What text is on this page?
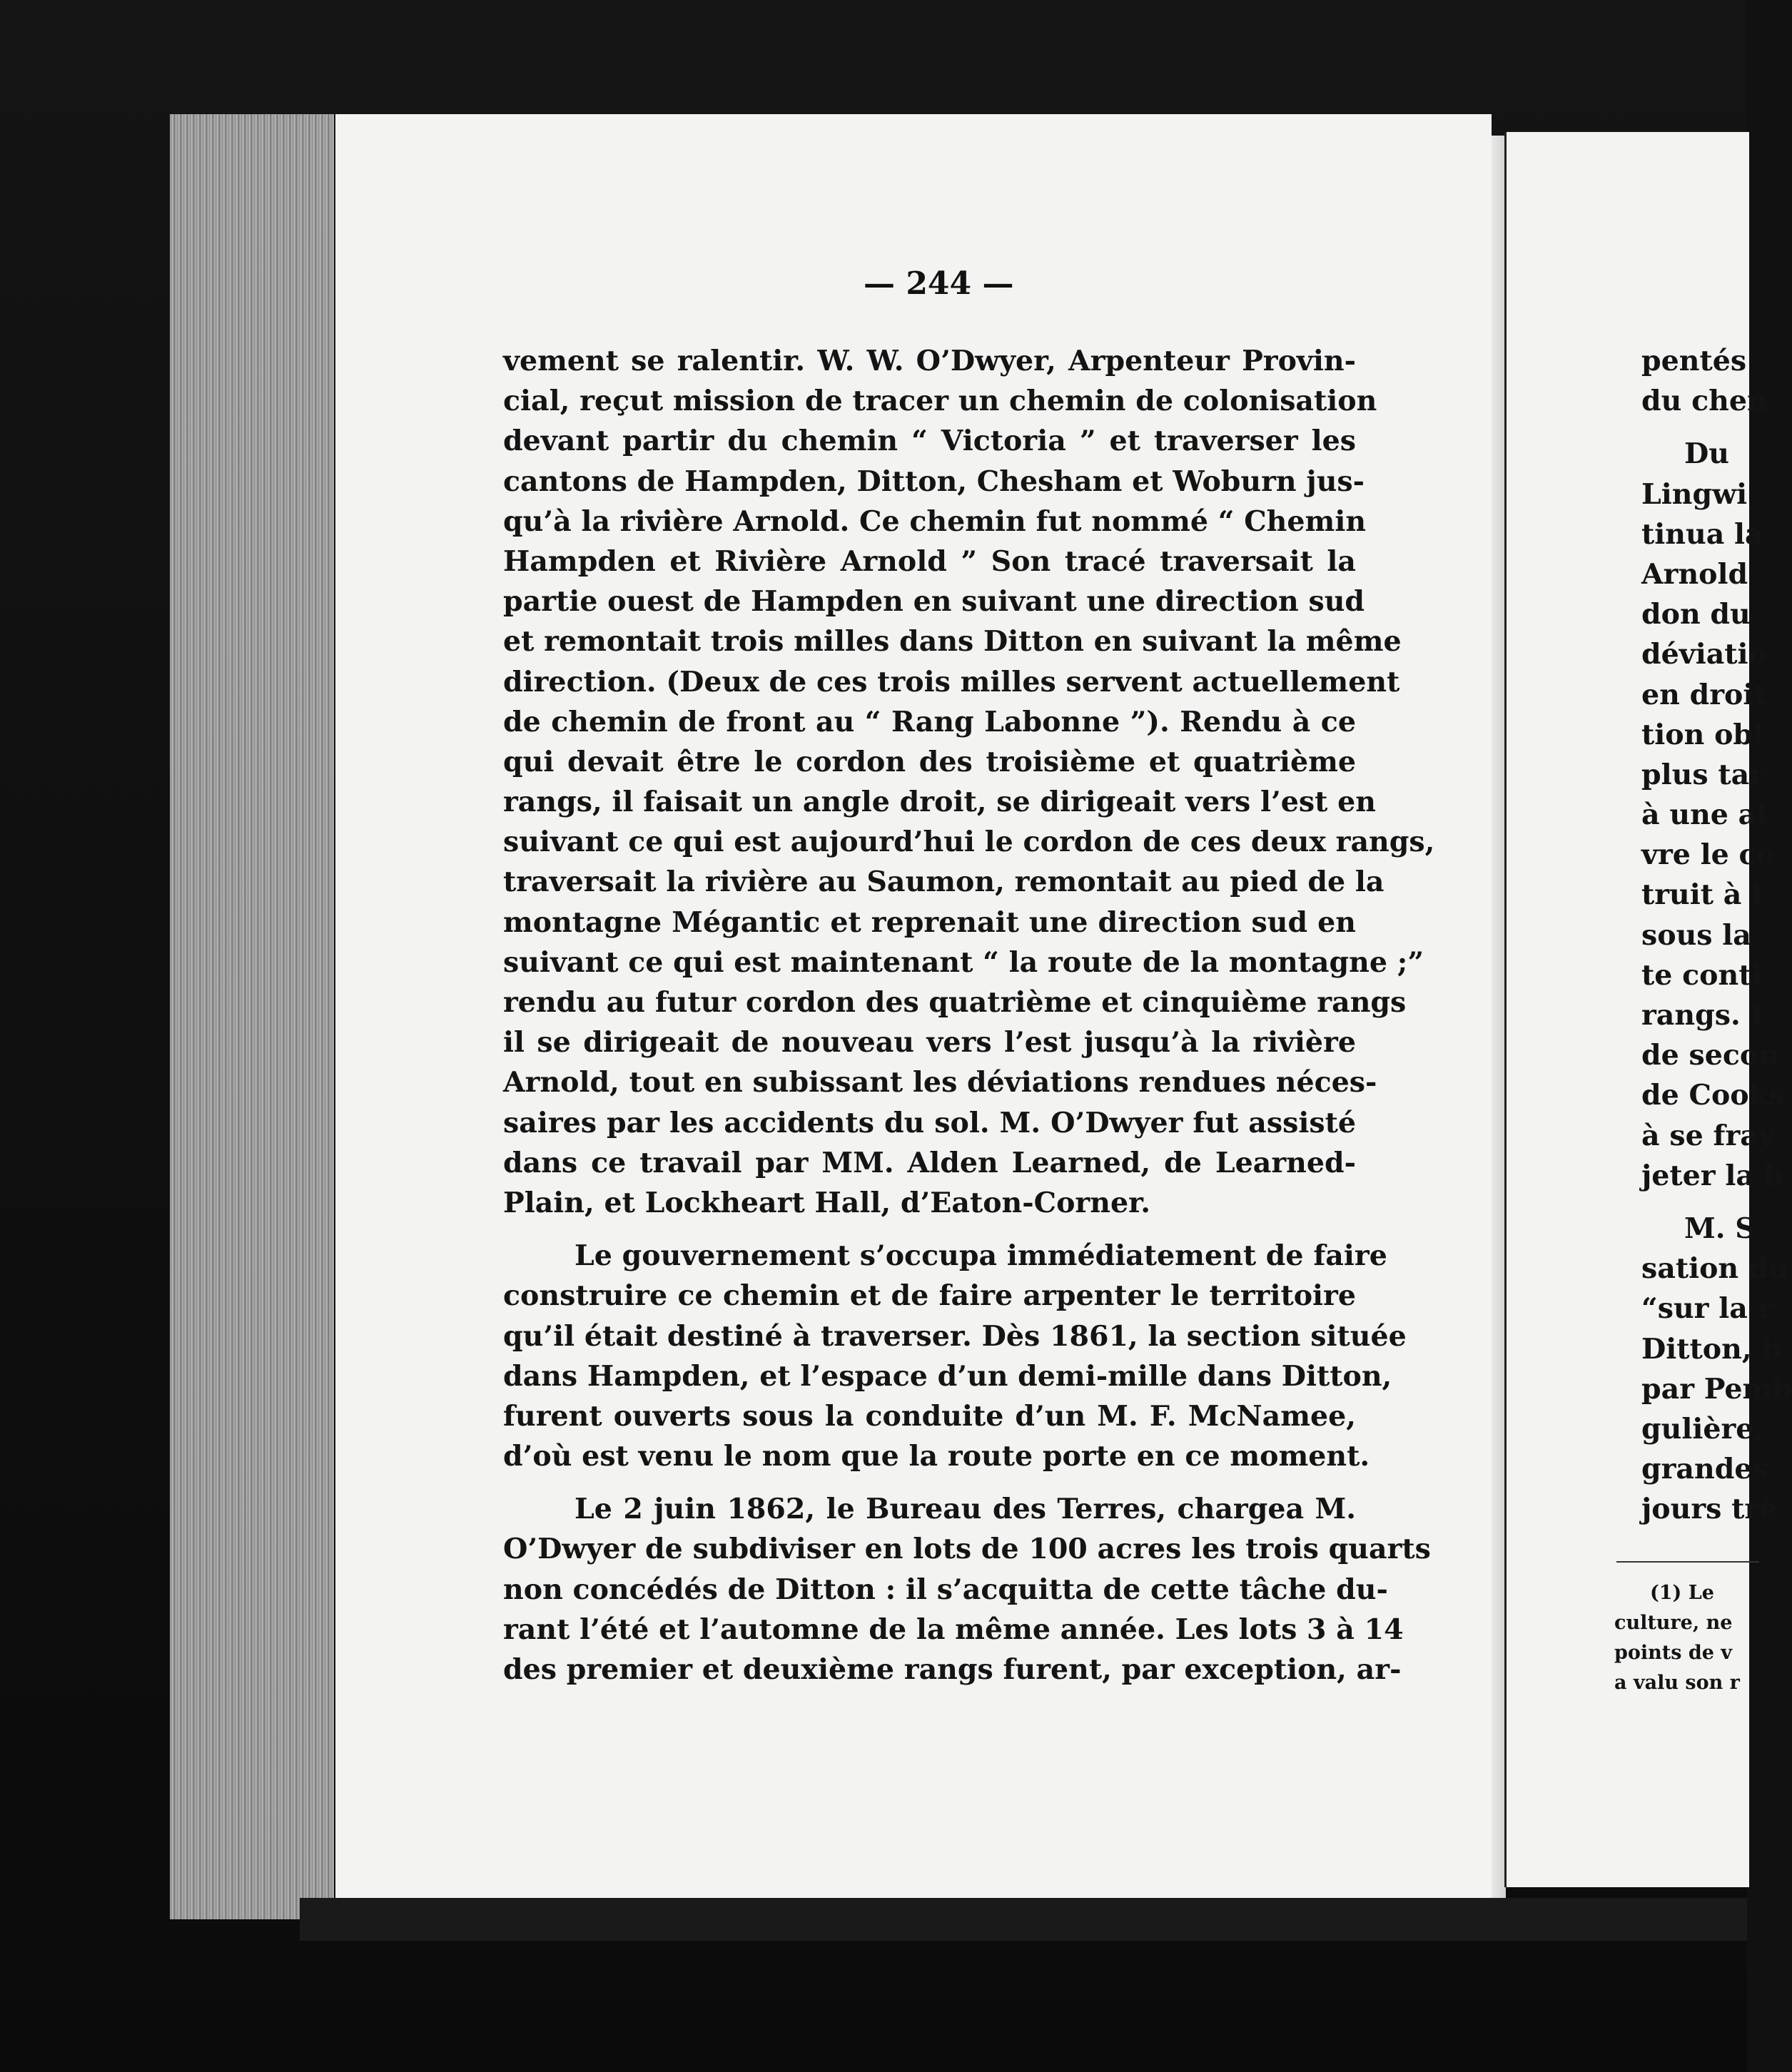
— 244 —
vement se ralentir. W. W. O’Dwyer, Arpenteur Provin-
cial, reçut mission de tracer un chemin de colonisation
devant partir du chemin “ Victoria ” et traverser les
cantons de Hampden, Ditton, Chesham et Woburn jus-
qu’à la rivière Arnold. Ce chemin fut nommé “ Chemin
Hampden et Rivière Arnold ” Son tracé traversait la
partie ouest de Hampden en suivant une direction sud
et remontait trois milles dans Ditton en suivant la même
direction. (Deux de ces trois milles servent actuellement
de chemin de front au “ Rang Labonne ”). Rendu à ce
qui devait être le cordon des troisième et quatrième
rangs, il faisait un angle droit, se dirigeait vers l’est en
suivant ce qui est aujourd’hui le cordon de ces deux rangs,
traversait la rivière au Saumon, remontait au pied de la
montagne Mégantic et reprenait une direction sud en
suivant ce qui est maintenant “ la route de la montagne ;”
rendu au futur cordon des quatrième et cinquième rangs
il se dirigeait de nouveau vers l’est jusqu’à la rivière
Arnold, tout en subissant les déviations rendues néces-
saires par les accidents du sol. M. O’Dwyer fut assisté
dans ce travail par MM. Alden Learned, de Learned-
Plain, et Lockheart Hall, d’Eaton-Corner.
Le gouvernement s’occupa immédiatement de faire
construire ce chemin et de faire arpenter le territoire
qu’il était destiné à traverser. Dès 1861, la section située
dans Hampden, et l’espace d’un demi-mille dans Ditton,
furent ouverts sous la conduite d’un M. F. McNamee,
d’où est venu le nom que la route porte en ce moment.
Le 2 juin 1862, le Bureau des Terres, chargea M.
O’Dwyer de subdiviser en lots de 100 acres les trois quarts
non concédés de Ditton : il s’acquitta de cette tâche du-
rant l’été et l’automne de la même année. Les lots 3 à 14
des premier et deuxième rangs furent, par exception, ar-
pentés
du chen
Du
Lingwi
tinua la
Arnold
don du
déviatio
en droit
tion obl
plus tar
à une al
vre le co
truit à t
sous la
te conti
rangs. I
de secon
de Cooks
à se fray
jeter la b
M. S
sation du
“sur la r
Ditton, b
par Pemb
gulière,
grandes
jours trè
(1) Le
culture, ne
points de v
a valu son r
